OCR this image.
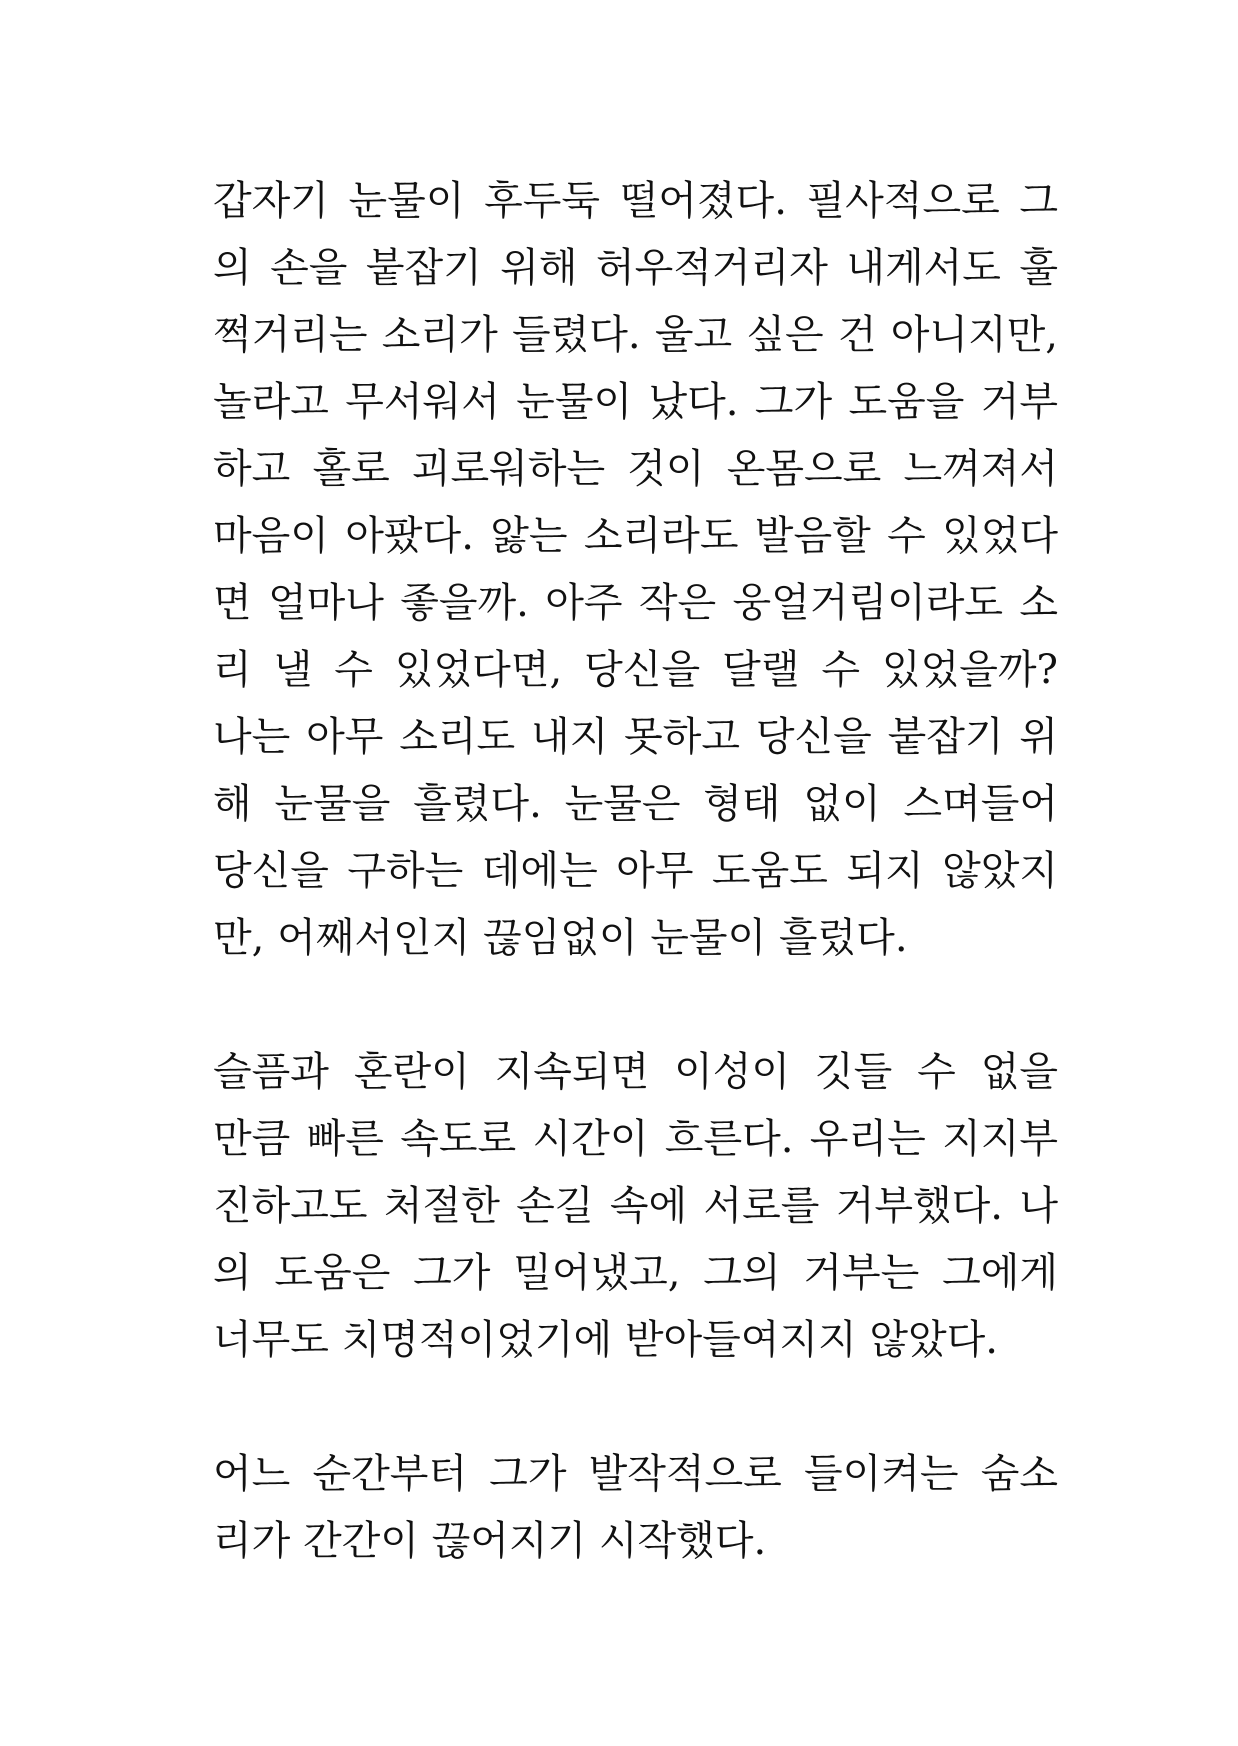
갑자기 눈물이 후두둑 떨어졌다. 필사적으로 그
의 손을 붙잡기 위해 허우적거리자 내게서도 훌
쩍거리는 소리가 들렸다. 울고 싶은 건 아니지만,
놀라고 무서워서 눈물이 났다. 그가 도움을 거부
하고 홀로 괴로워하는 것이 온몸으로 느껴져서
마음이 아팠다. 앓는 소리라도 발음할 수 있었다
면 얼마나 좋을까. 아주 작은 웅얼거림이라도 소
리 낼 수 있었다면, 당신을 달랠 수 있었을까?
나는 아무 소리도 내지 못하고 당신을 붙잡기 위
해 눈물을 흘렸다. 눈물은 형태 없이 스며들어
당신을 구하는 데에는 아무 도움도 되지 않았지
만, 어째서인지 끊임없이 눈물이 흘렀다.
슬픔과 혼란이 지속되면 이성이 깃들 수 없을
만큼 빠른 속도로 시간이 흐른다. 우리는 지지부
진하고도 처절한 손길 속에 서로를 거부했다. 나
의 도움은 그가 밀어냈고, 그의 거부는 그에게
너무도 치명적이었기에 받아들여지지 않았다.
어느 순간부터 그가 발작적으로 들이켜는 숨소
리가 간간이 끊어지기 시작했다.
